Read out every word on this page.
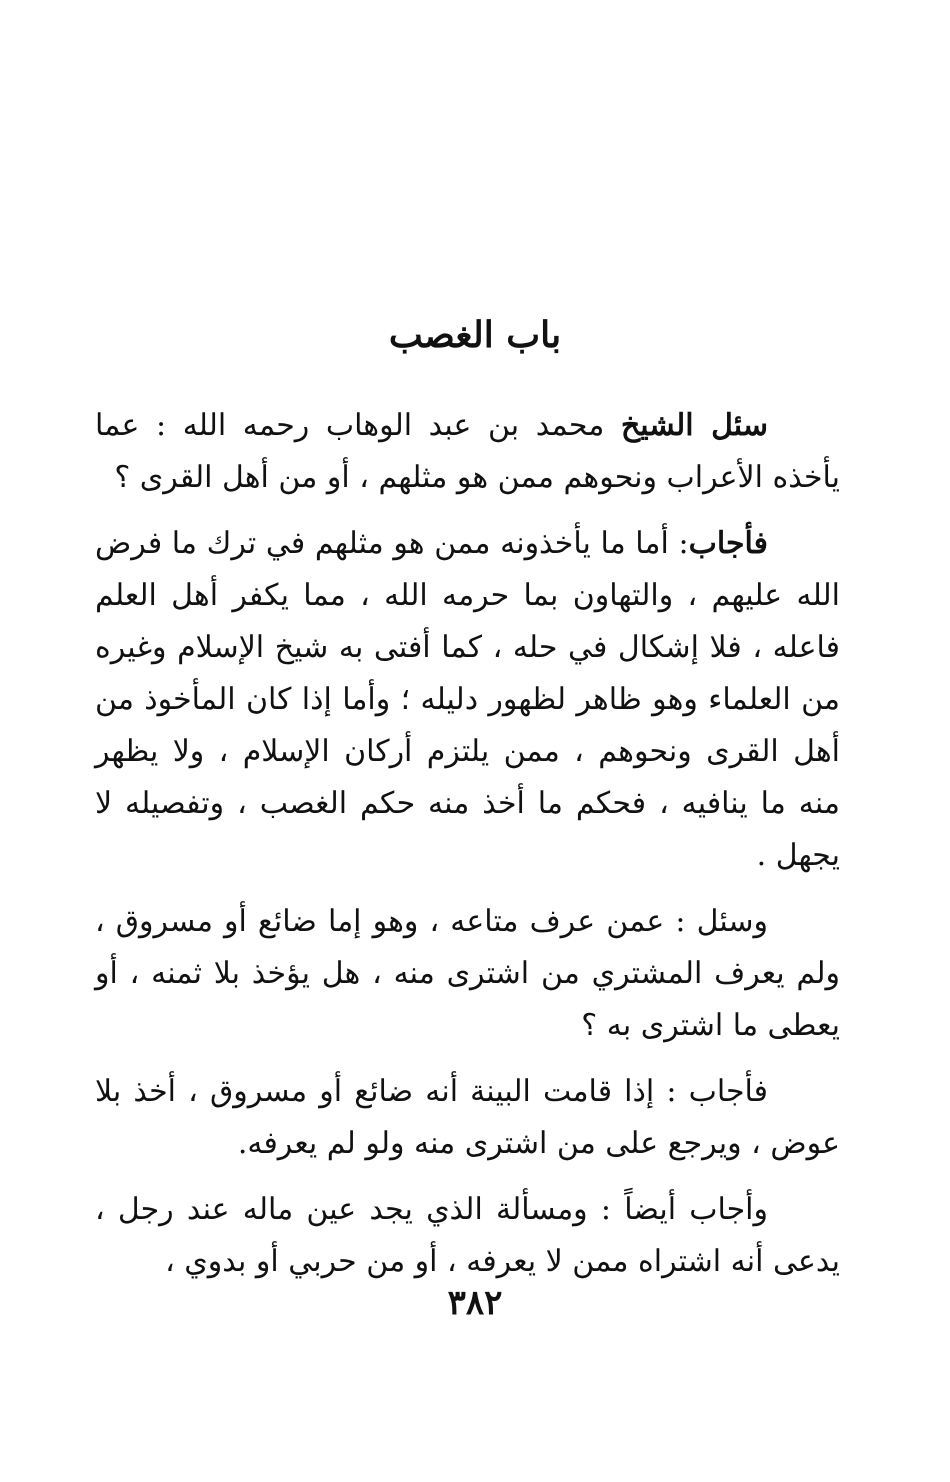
باب الغصب

سئل الشيخ محمد بن عبد الوهاب رحمه الله : عما يأخذه الأعراب ونحوهم ممن هو مثلهم ، أو من أهل القرى ؟

فأجاب: أما ما يأخذونه ممن هو مثلهم في ترك ما فرض الله عليهم ، والتهاون بما حرمه الله ، مما يكفر أهل العلم فاعله ، فلا إشكال في حله ، كما أفتى به شيخ الإسلام وغيره من العلماء وهو ظاهر لظهور دليله ؛ وأما إذا كان المأخوذ من أهل القرى ونحوهم ، ممن يلتزم أركان الإسلام ، ولا يظهر منه ما ينافيه ، فحكم ما أخذ منه حكم الغصب ، وتفصيله لا يجهل .

وسئل : عمن عرف متاعه ، وهو إما ضائع أو مسروق ، ولم يعرف المشتري من اشترى منه ، هل يؤخذ بلا ثمنه ، أو يعطى ما اشترى به ؟

فأجاب : إذا قامت البينة أنه ضائع أو مسروق ، أخذ بلا عوض ، ويرجع على من اشترى منه ولو لم يعرفه.

وأجاب أيضاً : ومسألة الذي يجد عين ماله عند رجل ، يدعى أنه اشتراه ممن لا يعرفه ، أو من حربي أو بدوي ،

٣٨٢
